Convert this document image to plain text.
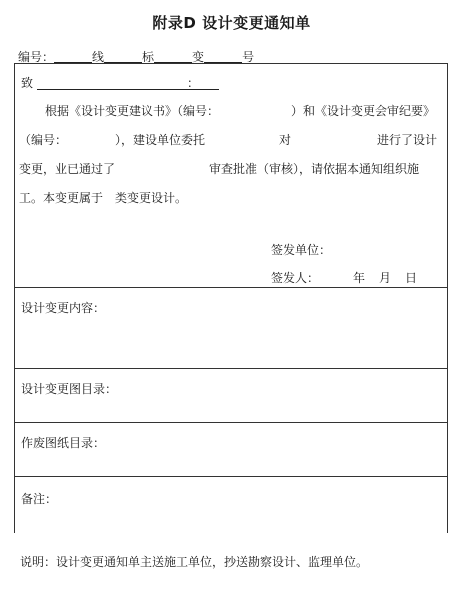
附录D 设计变更通知单
编号：	线	标	变	号
致	：
根据《设计变更建议书》（编号：	）和《设计变更会审纪要》
（编号：	），建设单位委托	对	进行了设计
变更，业已通过了	审查批准（审核），请依据本通知组织施
工。本变更属于　类变更设计。
签发单位：
签发人：	年 月 日
设计变更内容：
设计变更图目录：
作废图纸目录：
备注：
说明：设计变更通知单主送施工单位，抄送勘察设计、监理单位。
